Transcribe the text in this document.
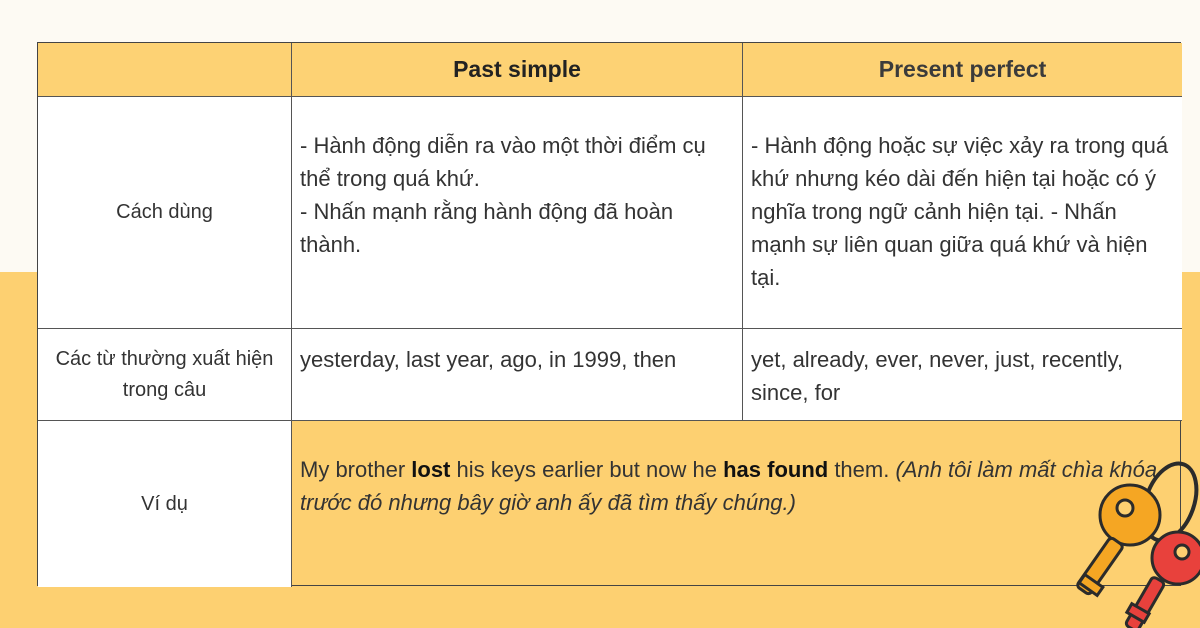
Past simple	Present perfect
Cách dùng

- Hành động diễn ra vào một thời điểm cụ thể trong quá khứ.

- Nhấn mạnh rằng hành động đã hoàn thành.

- Hành động hoặc sự việc xảy ra trong quá khứ nhưng kéo dài đến hiện tại hoặc có ý nghĩa trong ngữ cảnh hiện tại. - Nhấn mạnh sự liên quan giữa quá khứ và hiện tại.
Các từ thường xuất hiện trong câu
yesterday, last year, ago, in 1999, then	yet, already, ever, never, just, recently, since, for
Ví dụ
My brother lost his keys earlier but now he has found them. (Anh tôi làm mất chìa khóa trước đó nhưng bây giờ anh ấy đã tìm thấy chúng.)
